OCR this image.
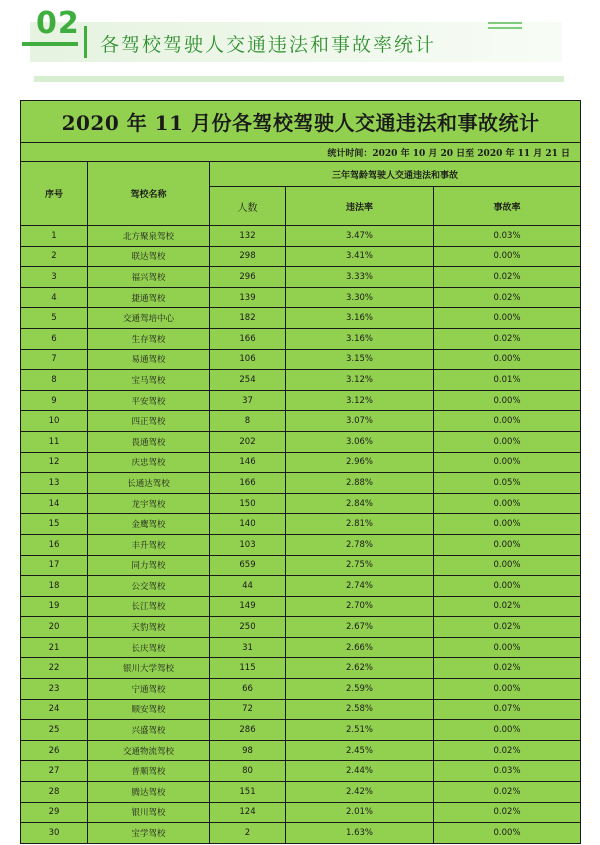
02
各驾校驾驶人交通违法和事故率统计
2020 年 11 月份各驾校驾驶人交通违法和事故统计				
统计时间：2020 年 10 月 20 日至 2020 年 11 月 21 日				
序号	驾校名称	三年驾龄驾驶人交通违法和事故		
		人数	违法率	事故率
1	北方聚泉驾校	132	3.47%	0.03%
2	联达驾校	298	3.41%	0.00%
3	福兴驾校	296	3.33%	0.02%
4	捷通驾校	139	3.30%	0.02%
5	交通驾培中心	182	3.16%	0.00%
6	生存驾校	166	3.16%	0.02%
7	易通驾校	106	3.15%	0.00%
8	宝马驾校	254	3.12%	0.01%
9	平安驾校	37	3.12%	0.00%
10	四正驾校	8	3.07%	0.00%
11	畏通驾校	202	3.06%	0.00%
12	庆忠驾校	146	2.96%	0.00%
13	长通达驾校	166	2.88%	0.05%
14	龙宇驾校	150	2.84%	0.00%
15	金鹰驾校	140	2.81%	0.00%
16	丰升驾校	103	2.78%	0.00%
17	同力驾校	659	2.75%	0.00%
18	公交驾校	44	2.74%	0.00%
19	长江驾校	149	2.70%	0.02%
20	天豹驾校	250	2.67%	0.02%
21	长庆驾校	31	2.66%	0.00%
22	银川大学驾校	115	2.62%	0.02%
23	宁通驾校	66	2.59%	0.00%
24	顺安驾校	72	2.58%	0.07%
25	兴盛驾校	286	2.51%	0.00%
26	交通物流驾校	98	2.45%	0.02%
27	普顺驾校	80	2.44%	0.03%
28	腾达驾校	151	2.42%	0.02%
29	银川驾校	124	2.01%	0.02%
30	宝学驾校	2	1.63%	0.00%
